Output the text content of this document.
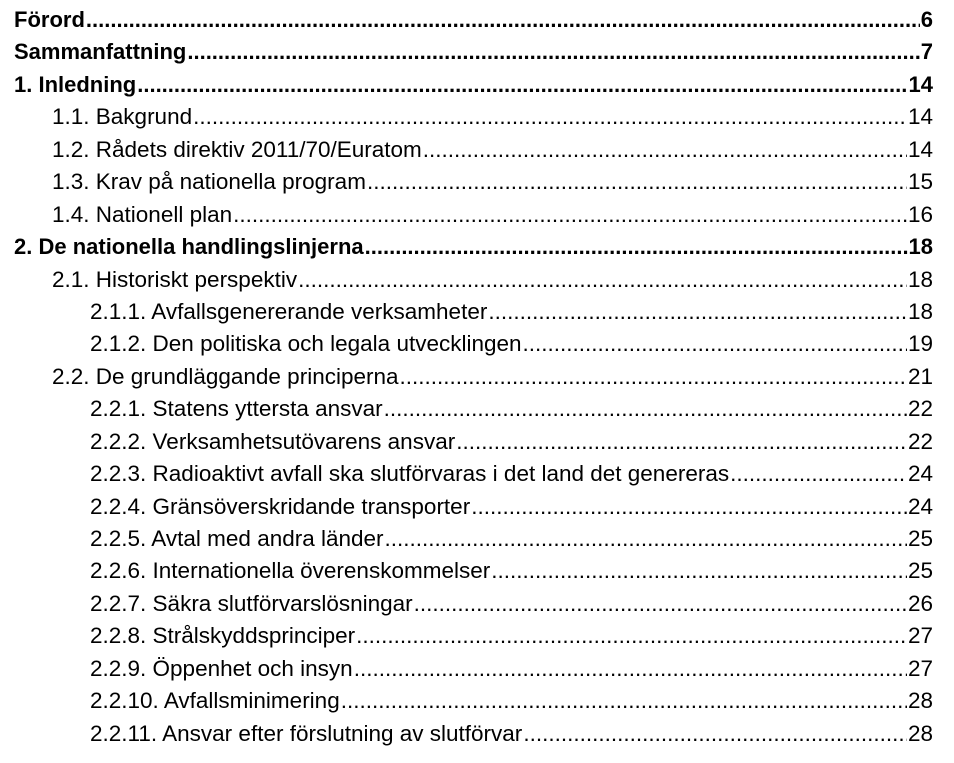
Förord .....	6
Sammanfattning .....	7
1. Inledning .....	14
1.1. Bakgrund .....	14
1.2. Rådets direktiv 2011/70/Euratom .....	14
1.3. Krav på nationella program .....	15
1.4. Nationell plan .....	16
2. De nationella handlingslinjerna .....	18
2.1. Historiskt perspektiv .....	18
2.1.1. Avfallsgenererande verksamheter .....	18
2.1.2. Den politiska och legala utvecklingen .....	19
2.2. De grundläggande principerna .....	21
2.2.1. Statens yttersta ansvar .....	22
2.2.2. Verksamhetsutövarens ansvar .....	22
2.2.3. Radioaktivt avfall ska slutförvaras i det land det genereras .....	24
2.2.4. Gränsöverskridande transporter .....	24
2.2.5. Avtal med andra länder .....	25
2.2.6. Internationella överenskommelser .....	25
2.2.7. Säkra slutförvarslösningar .....	26
2.2.8. Strålskyddsprinciper .....	27
2.2.9. Öppenhet och insyn .....	27
2.2.10. Avfallsminimering .....	28
2.2.11. Ansvar efter förslutning av slutförvar .....	28
